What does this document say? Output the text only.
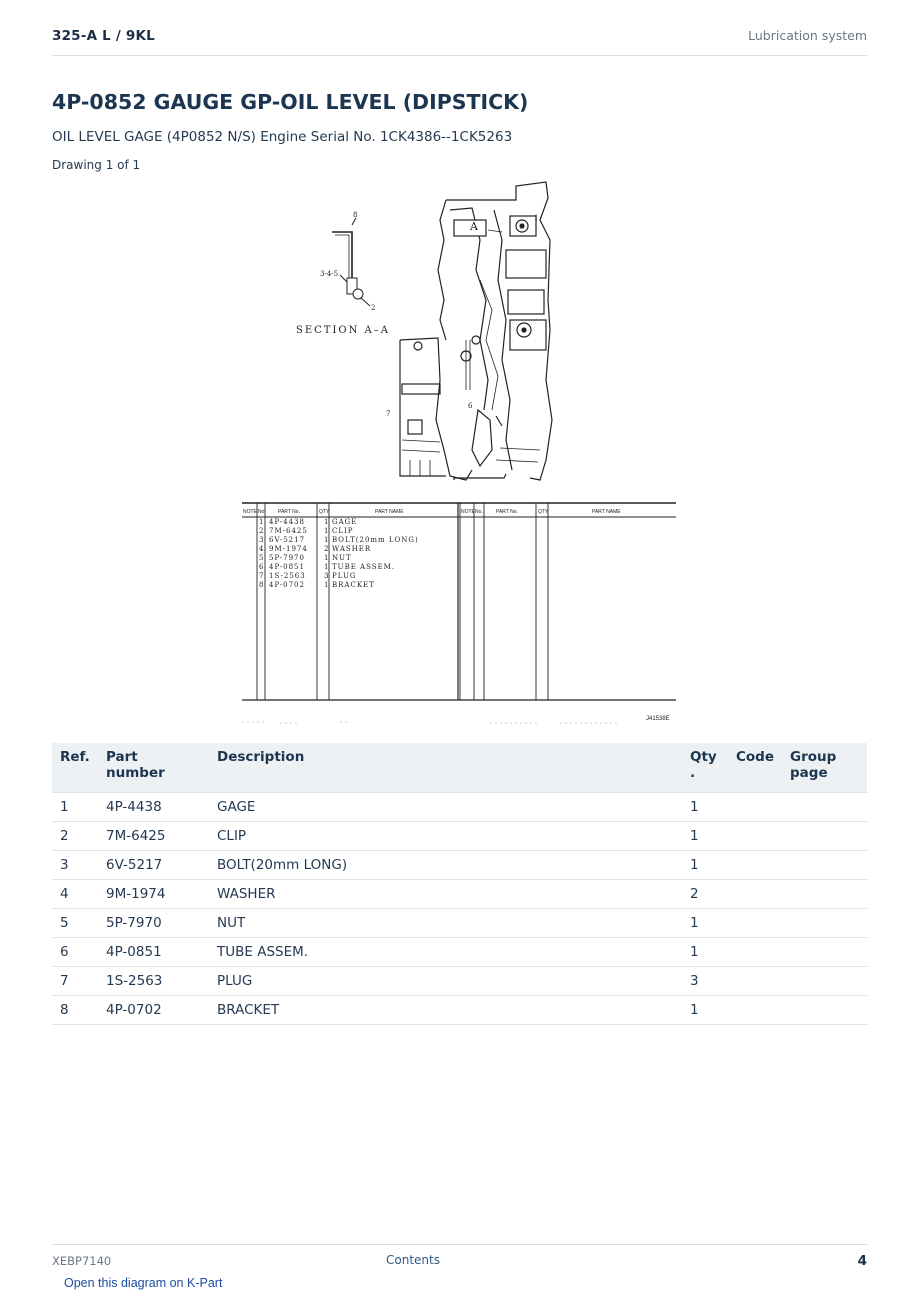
325-A L / 9KL	Lubrication system
4P-0852 GAUGE GP-OIL LEVEL (DIPSTICK)
OIL LEVEL GAGE (4P0852 N/S) Engine Serial No. 1CK4386--1CK5263
Drawing 1 of 1
8
3-4-5
2
SECTION A–A
A
7
6
1
NOTE No. PART No.	QTY	PART NAME	NOTE No.	PART No.	QTY	PART NAME
1 4P-4438	1 GAGE
2 7M-6425 1 CLIP
3 6V-5217	1 BOLT(20mm LONG)
4 9M-1974 2 WASHER
5 5P-7970	1 NUT
6 4P-0851	1 TUBE ASSEM.
7 1S-2563	3 PLUG
8 4P-0702	1 BRACKET
J41538E
Ref.	Part number	Description	Qty .	Code	Group page
1	4P-4438	GAGE	1		
2	7M-6425	CLIP	1		
3	6V-5217	BOLT(20mm LONG)	1		
4	9M-1974	WASHER	2		
5	5P-7970	NUT	1		
6	4P-0851	TUBE ASSEM.	1		
7	1S-2563	PLUG	3		
8	4P-0702	BRACKET	1		
XEBP7140	Contents	4
Open this diagram on K-Part
